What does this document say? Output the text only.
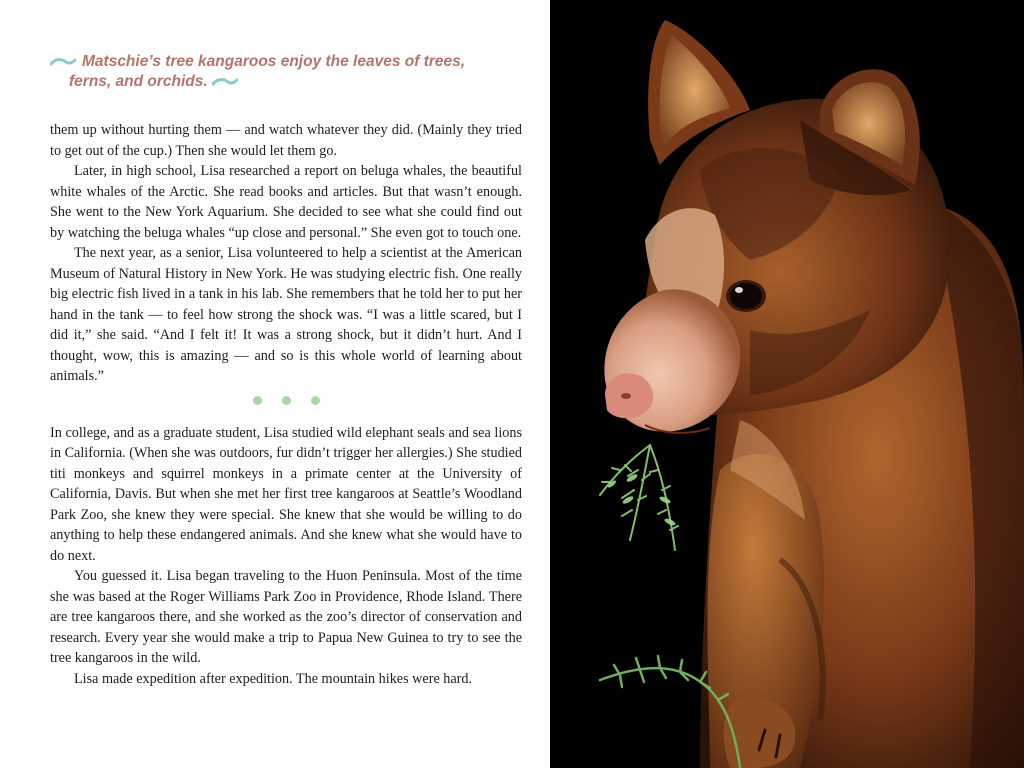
Matschie’s tree kangaroos enjoy the leaves of trees,
ferns, and orchids.

them up without hurting them — and watch whatever they did. (Mainly they tried to get out of the cup.) Then she would let them go.

Later, in high school, Lisa researched a report on beluga whales, the beautiful white whales of the Arctic. She read books and articles. But that wasn’t enough. She went to the New York Aquarium. She decided to see what she could find out by watching the beluga whales “up close and personal.” She even got to touch one.

The next year, as a senior, Lisa volunteered to help a scientist at the American Museum of Natural History in New York. He was studying electric fish. One really big electric fish lived in a tank in his lab. She remembers that he told her to put her hand in the tank — to feel how strong the shock was. “I was a little scared, but I did it,” she said. “And I felt it! It was a strong shock, but it didn’t hurt. And I thought, wow, this is amazing — and so is this whole world of learning about animals.”

In college, and as a graduate student, Lisa studied wild elephant seals and sea lions in California. (When she was outdoors, fur didn’t trigger her allergies.) She studied titi monkeys and squirrel monkeys in a primate center at the University of California, Davis. But when she met her first tree kangaroos at Seattle’s Woodland Park Zoo, she knew they were special. She knew that she would be willing to do anything to help these endangered animals. And she knew what she would have to do next.

You guessed it. Lisa began traveling to the Huon Peninsula. Most of the time she was based at the Roger Williams Park Zoo in Providence, Rhode Island. There are tree kangaroos there, and she worked as the zoo’s director of conservation and research. Every year she would make a trip to Papua New Guinea to try to see the tree kangaroos in the wild.

Lisa made expedition after expedition. The mountain hikes were hard.
